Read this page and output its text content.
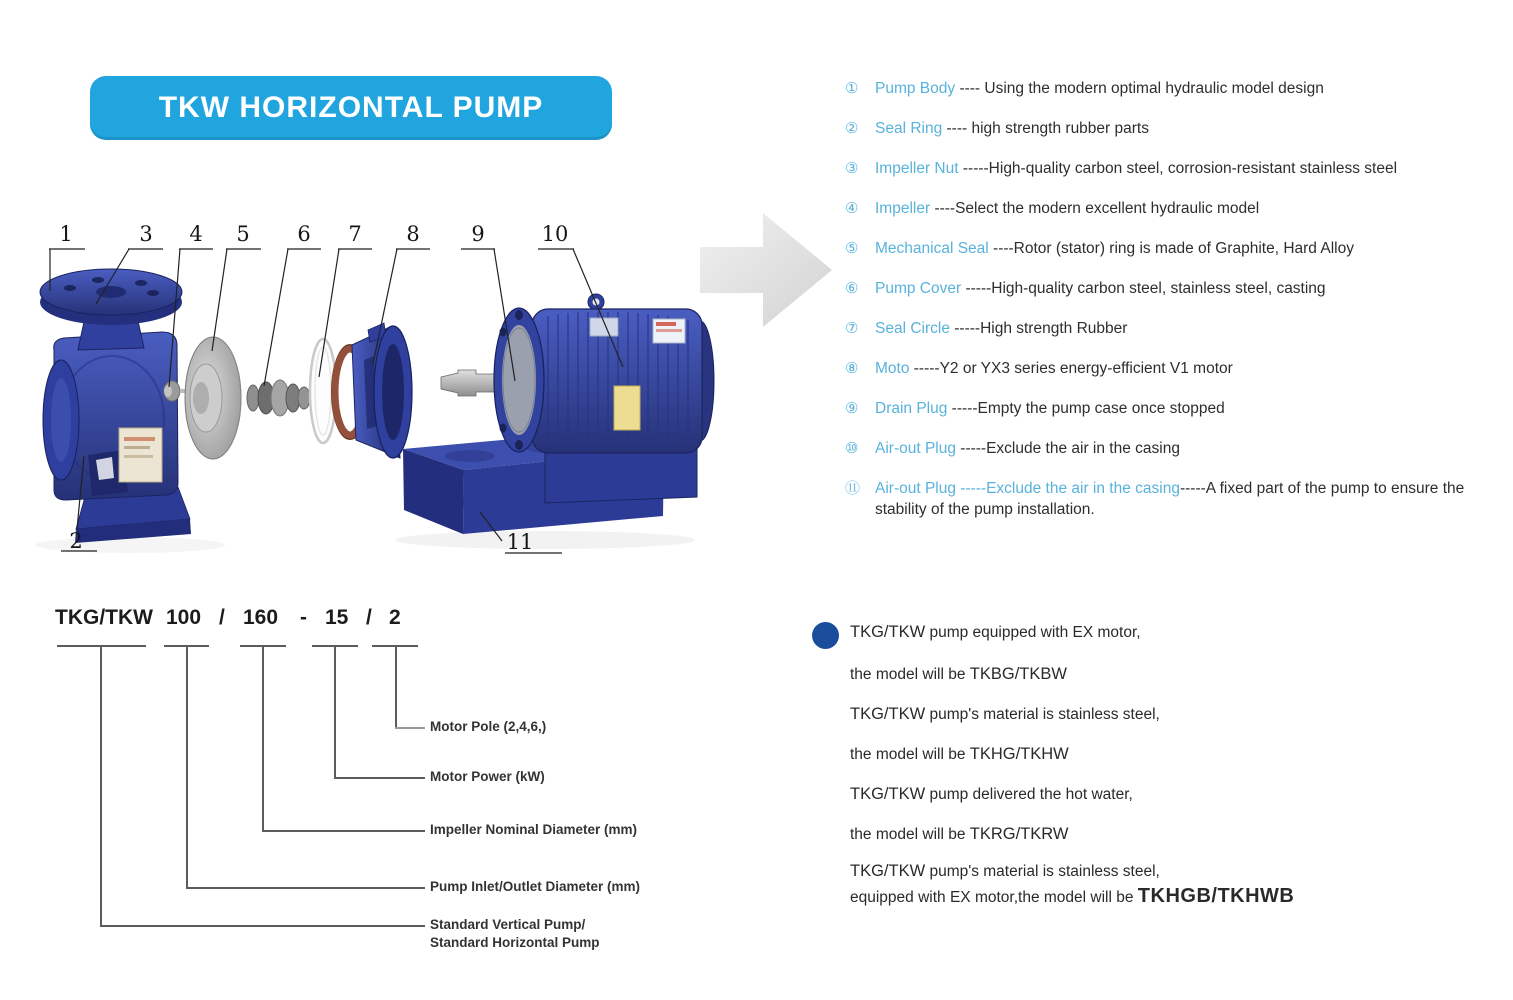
TKW HORIZONTAL PUMP
1	3 4 5 6 7 8 9	10
2	11
① Pump Body ---- Using the modern optimal hydraulic model design
② Seal Ring ---- high strength rubber parts
③ Impeller Nut -----High-quality carbon steel, corrosion-resistant stainless steel
④ Impeller ----Select the modern excellent hydraulic model
⑤ Mechanical Seal ----Rotor (stator) ring is made of Graphite, Hard Alloy
⑥ Pump Cover -----High-quality carbon steel, stainless steel, casting
⑦ Seal Circle -----High strength Rubber
⑧ Moto -----Y2 or YX3 series energy-efficient V1 motor
⑨ Drain Plug -----Empty the pump case once stopped
⑩ Air-out Plug -----Exclude the air in the casing
⑪ Air-out Plug -----Exclude the air in the casing-----A fixed part of the pump to ensure the stability of the pump installation.
TKG/TKW 100 / 160 - 15 / 2
Motor Pole (2,4,6,)
Motor Power (kW)
Impeller Nominal Diameter (mm)
Pump Inlet/Outlet Diameter (mm)
Standard Vertical Pump/
Standard Horizontal Pump
TKG/TKW pump equipped with EX motor,
the model will be TKBG/TKBW
TKG/TKW pump's material is stainless steel,
the model will be TKHG/TKHW
TKG/TKW pump delivered the hot water,
the model will be TKRG/TKRW
TKG/TKW pump's material is stainless steel,
equipped with EX motor,the model will be TKHGB/TKHWB
